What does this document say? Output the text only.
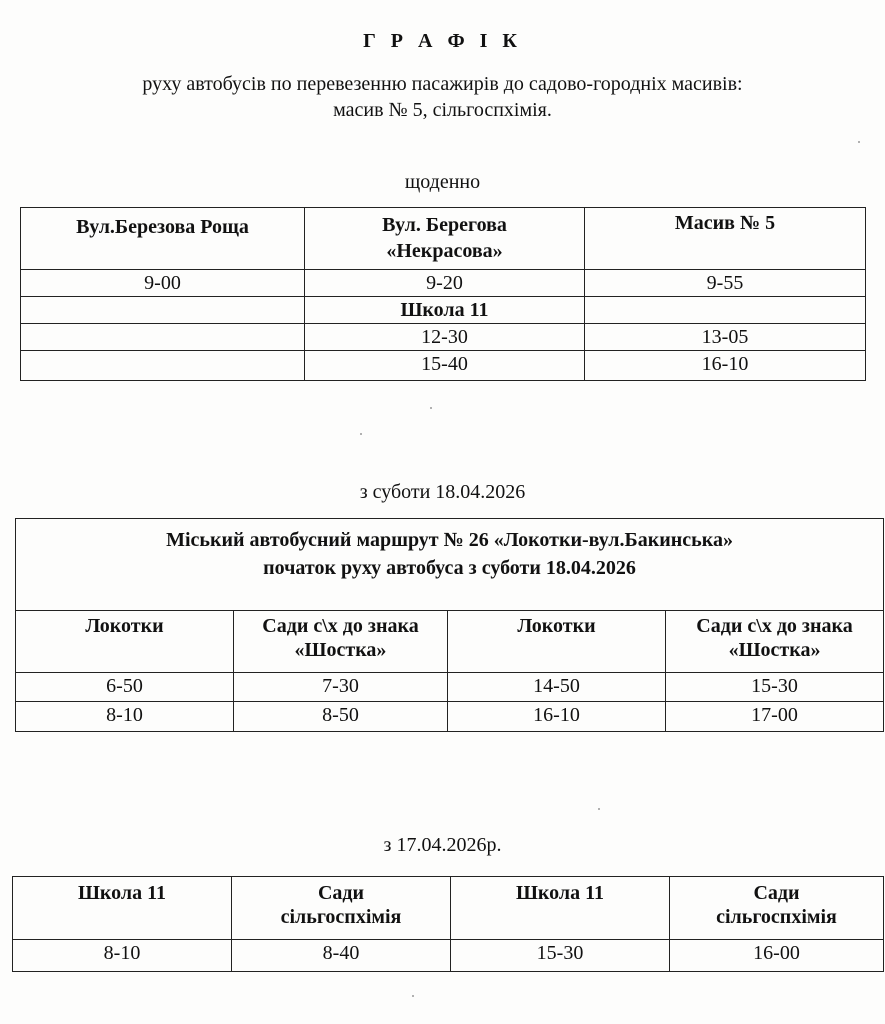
Г Р А Ф І К
руху автобусів по перевезенню пасажирів до садово-городніх масивів:
масив № 5, сільгоспхімія.
щоденно
Вул.Березова Роща	Вул. Берегова «Некрасова»	Масив № 5
9-00	9-20	9-55
	Школа 11	
	12-30	13-05
	15-40	16-10
з суботи 18.04.2026
Міський автобусний маршрут № 26 «Локотки-вул.Бакинська»
початок руху автобуса з суботи 18.04.2026			

Локотки	Сади с\х до знака «Шостка»	Локотки	Сади с\х до знака «Шостка»
6-50	7-30	14-50	15-30
8-10	8-50	16-10	17-00
з 17.04.2026р.
Школа 11	Сади сільгоспхімія	Школа 11	Сади сільгоспхімія
8-10	8-40	15-30	16-00
